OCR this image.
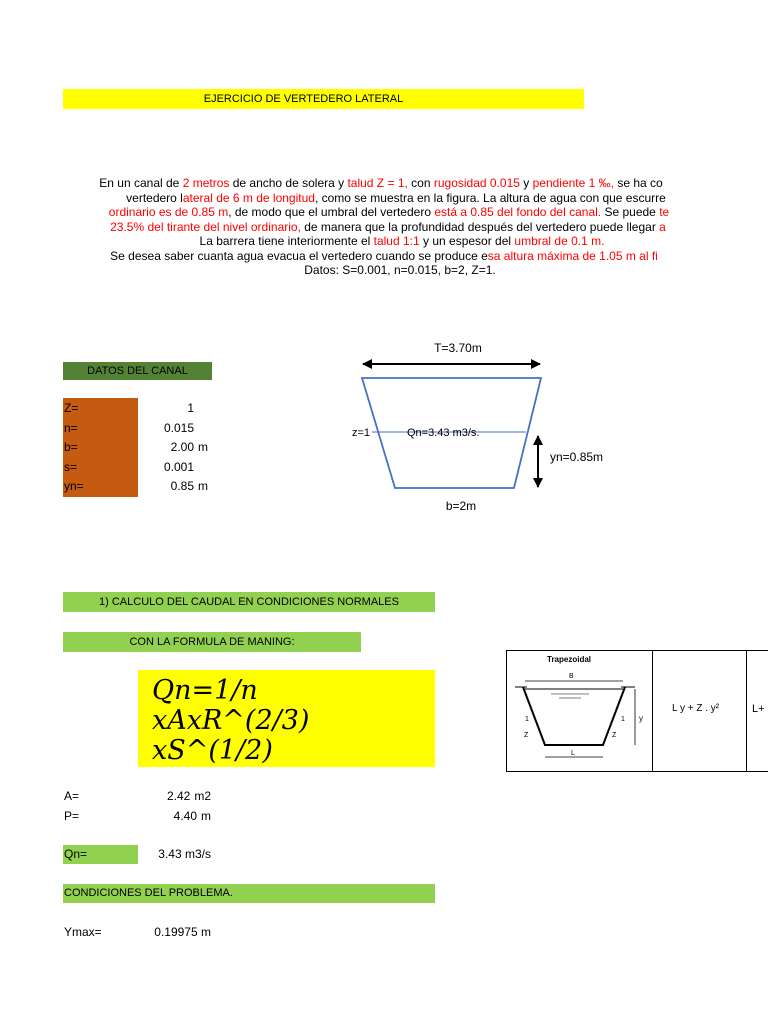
EJERCICIO DE VERTEDERO LATERAL
En un canal de 2 metros de ancho de solera y talud Z = 1, con rugosidad 0.015 y pendiente 1 ‰, se ha co
vertedero lateral de 6 m de longitud, como se muestra en la figura. La altura de agua con que escurre
ordinario es de 0.85 m, de modo que el umbral del vertedero está a 0.85 del fondo del canal. Se puede te
23.5% del tirante del nivel ordinario, de manera que la profundidad después del vertedero puede llegar a
La barrera tiene interiormente el talud 1:1 y un espesor del umbral de 0.1 m.
Se desea saber cuanta agua evacua el vertedero cuando se produce esa altura máxima de 1.05 m al fi
Datos: S=0.001, n=0.015, b=2, Z=1.
DATOS DEL CANAL
Z=	1
n=	0.015
b=	2.00 m
s=	0.001
yn=	0.85 m
T=3.70m
z=1	Qn=3.43 m3/s.
yn=0.85m
b=2m
1) CALCULO DEL CAUDAL EN CONDICIONES NORMALES
CON LA FORMULA DE MANING:
Qn=1/n
xAxR^(2/3)
xS^(1/2)
Trapezoidal
B
1
Z
1
Z
y
L
L y + Z . y²	L+
A=	2.42 m2
P=	4.40 m
Qn=	3.43 m3/s
CONDICIONES DEL PROBLEMA.
Ymax=	0.19975 m
